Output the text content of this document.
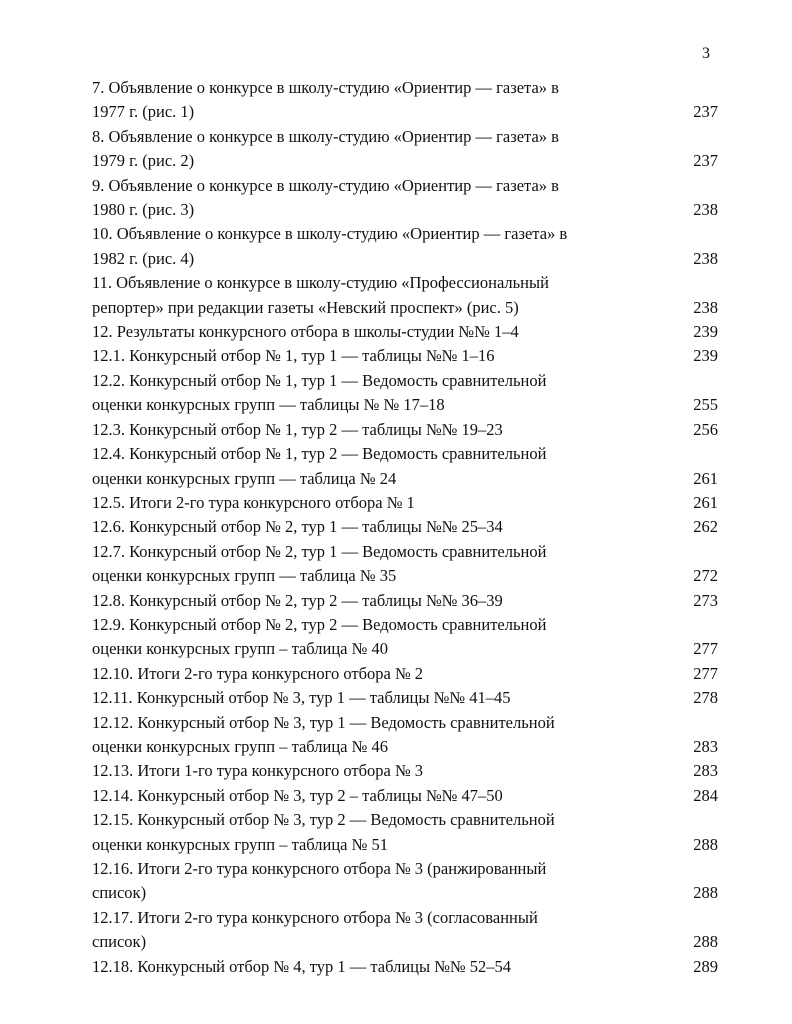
3
7. Объявление о конкурсе в школу-студию «Ориентир — газета» в
1977 г. (рис. 1)	237
8. Объявление о конкурсе в школу-студию «Ориентир — газета» в
1979 г. (рис. 2)	237
9. Объявление о конкурсе в школу-студию «Ориентир — газета» в
1980 г. (рис. 3)	238
10. Объявление о конкурсе в школу-студию «Ориентир — газета» в
1982 г. (рис. 4)	238
11. Объявление о конкурсе в школу-студию «Профессиональный
репортер» при редакции газеты «Невский проспект» (рис. 5)	238
12. Результаты конкурсного отбора в школы-студии №№ 1–4	239
12.1. Конкурсный отбор № 1, тур 1 — таблицы №№ 1–16	239
12.2. Конкурсный отбор № 1, тур 1 — Ведомость сравнительной
оценки конкурсных групп — таблицы № № 17–18	255
12.3. Конкурсный отбор № 1, тур 2 — таблицы №№ 19–23	256
12.4. Конкурсный отбор № 1, тур 2 — Ведомость сравнительной
оценки конкурсных групп — таблица № 24	261
12.5. Итоги 2-го тура конкурсного отбора № 1	261
12.6. Конкурсный отбор № 2, тур 1 — таблицы №№ 25–34	262
12.7. Конкурсный отбор № 2, тур 1 — Ведомость сравнительной
оценки конкурсных групп — таблица № 35	272
12.8. Конкурсный отбор № 2, тур 2 — таблицы №№ 36–39	273
12.9. Конкурсный отбор № 2, тур 2 — Ведомость сравнительной
оценки конкурсных групп – таблица № 40	277
12.10. Итоги 2-го тура конкурсного отбора № 2	277
12.11. Конкурсный отбор № 3, тур 1 — таблицы №№ 41–45	278
12.12. Конкурсный отбор № 3, тур 1 — Ведомость сравнительной
оценки конкурсных групп – таблица № 46	283
12.13. Итоги 1-го тура конкурсного отбора № 3	283
12.14. Конкурсный отбор № 3, тур 2 – таблицы №№ 47–50	284
12.15. Конкурсный отбор № 3, тур 2 — Ведомость сравнительной
оценки конкурсных групп – таблица № 51	288
12.16. Итоги 2-го тура конкурсного отбора № 3 (ранжированный
список)	288
12.17. Итоги 2-го тура конкурсного отбора № 3 (согласованный
список)	288
12.18. Конкурсный отбор № 4, тур 1 — таблицы №№ 52–54	289
